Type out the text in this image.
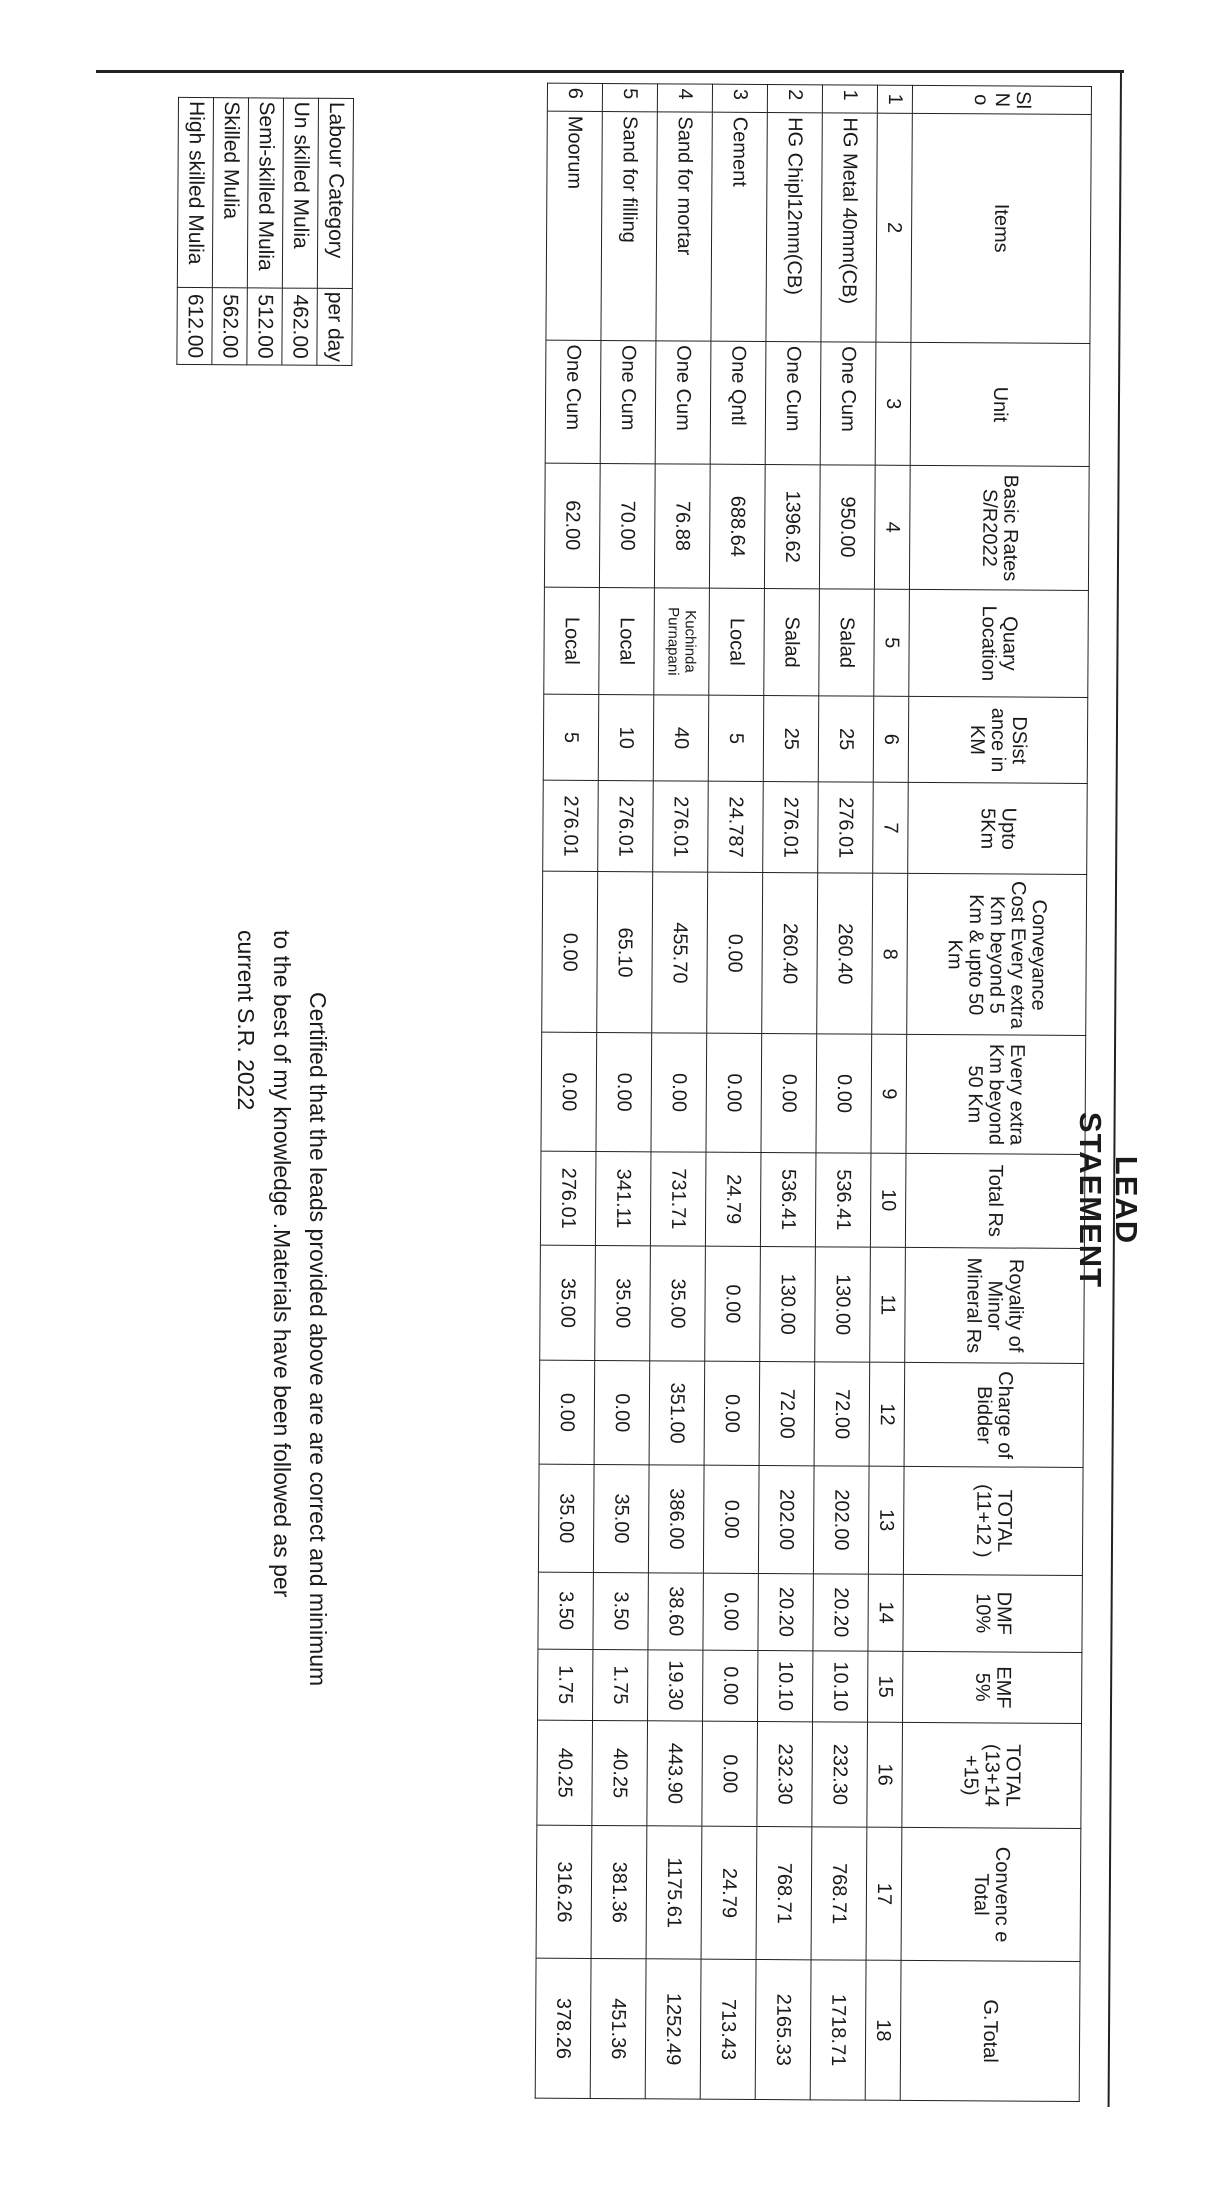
LEAD STAEMENT
Sl
N
o	Items	Unit	Basic Rates S/R2022	Quary Location	DSist ance in KM	Upto 5Km	Conveyance Cost Every extra Km beyond 5 Km & upto 50 Km	Every extra Km beyond 50 Km	Total Rs	Royality of Minor Mineral Rs	Charge of Bidder	TOTAL (11+12 )	DMF 10%	EMF 5%	TOTAL (13+14 +15)	Convenc e Total	G.Total
1	2	3	4	5	6	7	8	9	10	11	12	13	14	15	16	17	18
1	HG Metal 40mm(CB)	One Cum	950.00	Salad	25	276.01	260.40	0.00	536.41	130.00	72.00	202.00	20.20	10.10	232.30	768.71	1718.71
2	HG Chipl12mm(CB)	One Cum	1396.62	Salad	25	276.01	260.40	0.00	536.41	130.00	72.00	202.00	20.20	10.10	232.30	768.71	2165.33
3	Cement	One Qntl	688.64	Local	5	24.787	0.00	0.00	24.79	0.00	0.00	0.00	0.00	0.00	0.00	24.79	713.43
4	Sand for mortar	One Cum	76.88	Kuchinda Purnapani	40	276.01	455.70	0.00	731.71	35.00	351.00	386.00	38.60	19.30	443.90	1175.61	1252.49
5	Sand for filling	One Cum	70.00	Local	10	276.01	65.10	0.00	341.11	35.00	0.00	35.00	3.50	1.75	40.25	381.36	451.36
6	Moorum	One Cum	62.00	Local	5	276.01	0.00	0.00	276.01	35.00	0.00	35.00	3.50	1.75	40.25	316.26	378.26
Labour Category	per day
Un skilled Mulia	462.00
Semi-skilled Mulia	512.00
Skilled Mulia	562.00
High skilled Mulia	612.00
Certified that the leads provided above are are correct and minimum
to the best of my knowledge .Materials have been followed as per
current S.R. 2022
